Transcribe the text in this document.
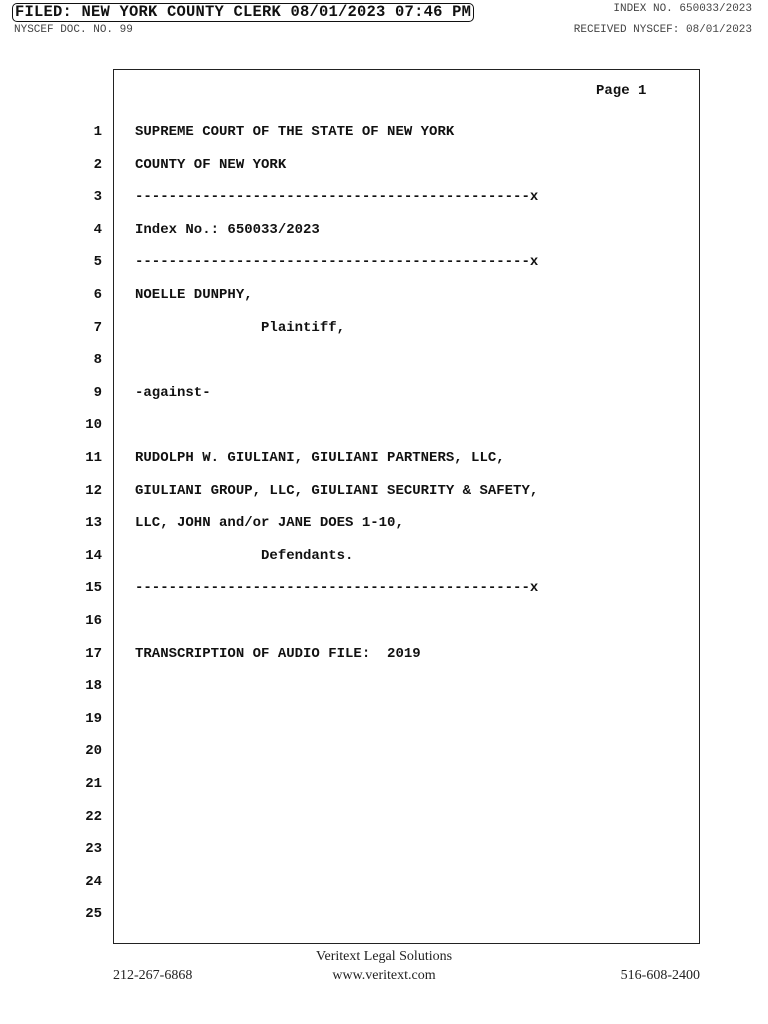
FILED: NEW YORK COUNTY CLERK 08/01/2023 07:46 PM
NYSCEF DOC. NO. 99
INDEX NO. 650033/2023
RECEIVED NYSCEF: 08/01/2023
Page 1
1 SUPREME COURT OF THE STATE OF NEW YORK
2 COUNTY OF NEW YORK
3 -----------------------------------------------x
4 Index No.: 650033/2023
5 -----------------------------------------------x
6 NOELLE DUNPHY,
7 Plaintiff,
8
9 -against-
10
11 RUDOLPH W. GIULIANI, GIULIANI PARTNERS, LLC,
12 GIULIANI GROUP, LLC, GIULIANI SECURITY & SAFETY,
13 LLC, JOHN and/or JANE DOES 1-10,
14 Defendants.
15 -----------------------------------------------x
16
17 TRANSCRIPTION OF AUDIO FILE:  2019
18
19
20
21
22
23
24
25
Veritext Legal Solutions
212-267-6868	www.veritext.com	516-608-2400
